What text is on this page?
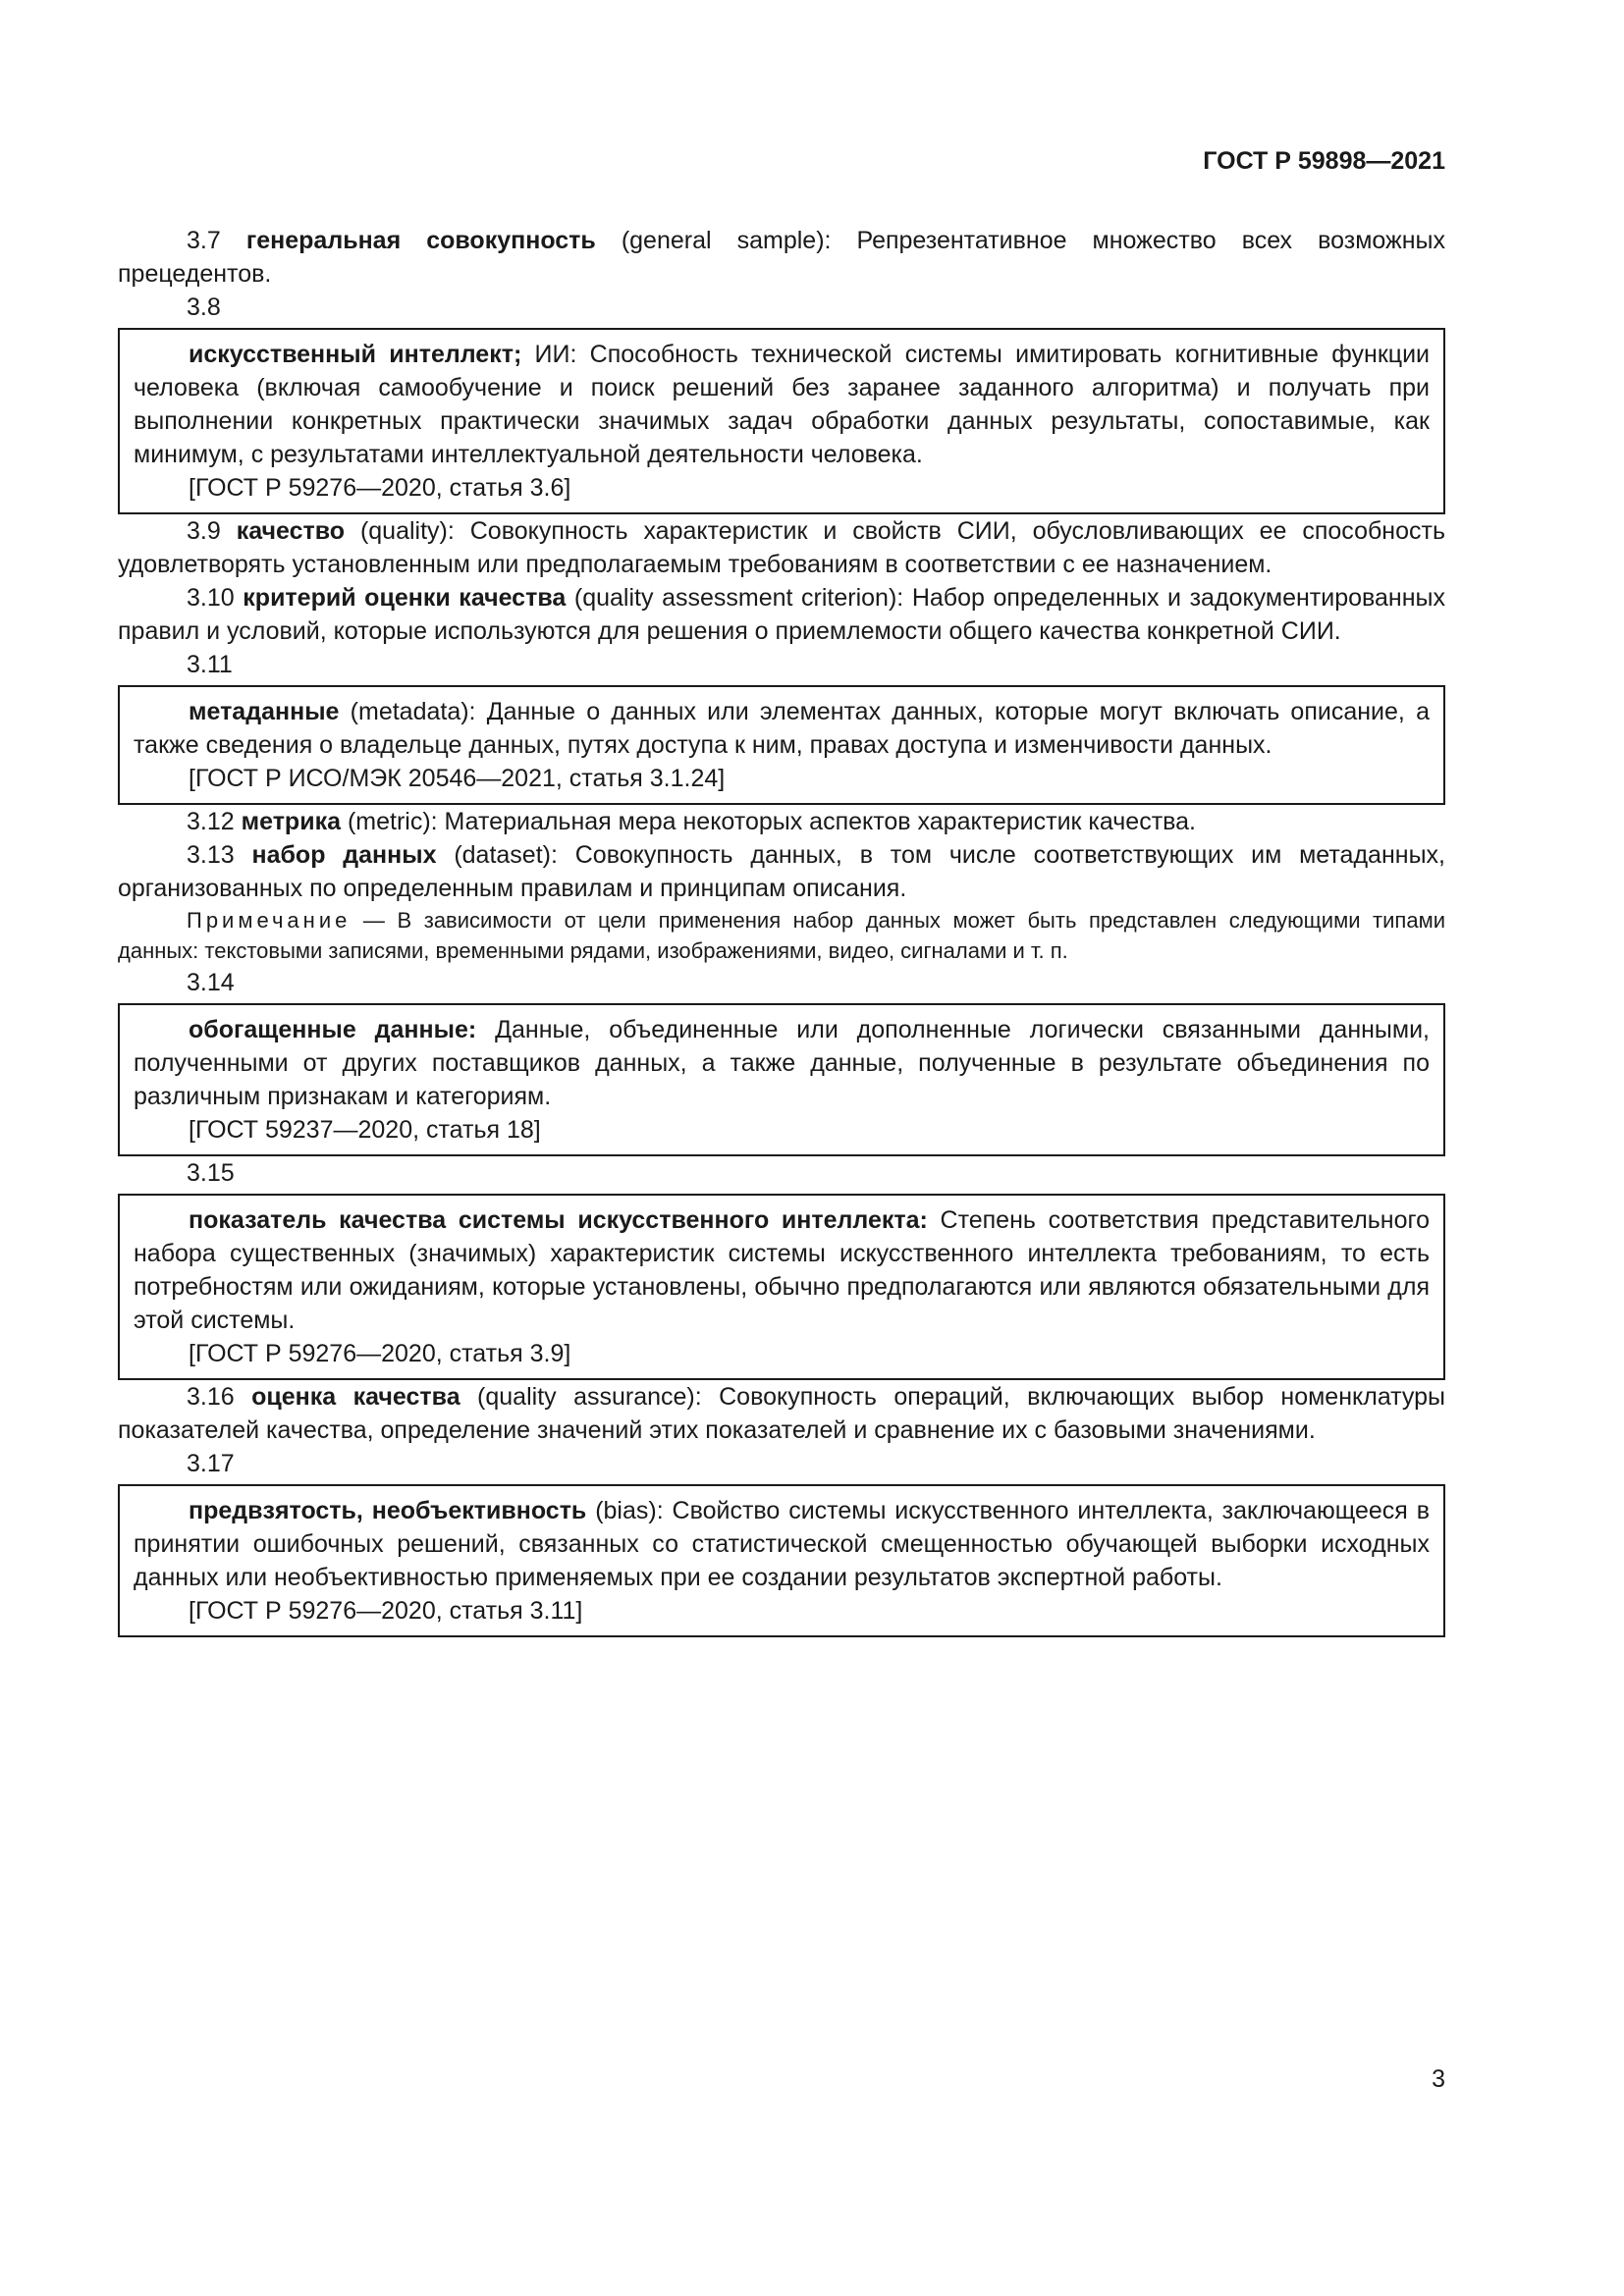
ГОСТ Р 59898—2021

3.7 генеральная совокупность (general sample): Репрезентативное множество всех возможных прецедентов.

3.8

искусственный интеллект; ИИ: Способность технической системы имитировать когнитивные функции человека (включая самообучение и поиск решений без заранее заданного алгоритма) и получать при выполнении конкретных практически значимых задач обработки данных результаты, сопоставимые, как минимум, с результатами интеллектуальной деятельности человека.

[ГОСТ Р 59276—2020, статья 3.6]

3.9 качество (quality): Совокупность характеристик и свойств СИИ, обусловливающих ее способность удовлетворять установленным или предполагаемым требованиям в соответствии с ее назначением.

3.10 критерий оценки качества (quality assessment criterion): Набор определенных и задокументированных правил и условий, которые используются для решения о приемлемости общего качества конкретной СИИ.

3.11

метаданные (metadata): Данные о данных или элементах данных, которые могут включать описание, а также сведения о владельце данных, путях доступа к ним, правах доступа и изменчивости данных.

[ГОСТ Р ИСО/МЭК 20546—2021, статья 3.1.24]

3.12 метрика (metric): Материальная мера некоторых аспектов характеристик качества.

3.13 набор данных (dataset): Совокупность данных, в том числе соответствующих им метаданных, организованных по определенным правилам и принципам описания.

Примечание — В зависимости от цели применения набор данных может быть представлен следующими типами данных: текстовыми записями, временными рядами, изображениями, видео, сигналами и т. п.

3.14

обогащенные данные: Данные, объединенные или дополненные логически связанными данными, полученными от других поставщиков данных, а также данные, полученные в результате объединения по различным признакам и категориям.

[ГОСТ 59237—2020, статья 18]

3.15

показатель качества системы искусственного интеллекта: Степень соответствия представительного набора существенных (значимых) характеристик системы искусственного интеллекта требованиям, то есть потребностям или ожиданиям, которые установлены, обычно предполагаются или являются обязательными для этой системы.

[ГОСТ Р 59276—2020, статья 3.9]

3.16 оценка качества (quality assurance): Совокупность операций, включающих выбор номенклатуры показателей качества, определение значений этих показателей и сравнение их с базовыми значениями.

3.17

предвзятость, необъективность (bias): Свойство системы искусственного интеллекта, заключающееся в принятии ошибочных решений, связанных со статистической смещенностью обучающей выборки исходных данных или необъективностью применяемых при ее создании результатов экспертной работы.

[ГОСТ Р 59276—2020, статья 3.11]

3
